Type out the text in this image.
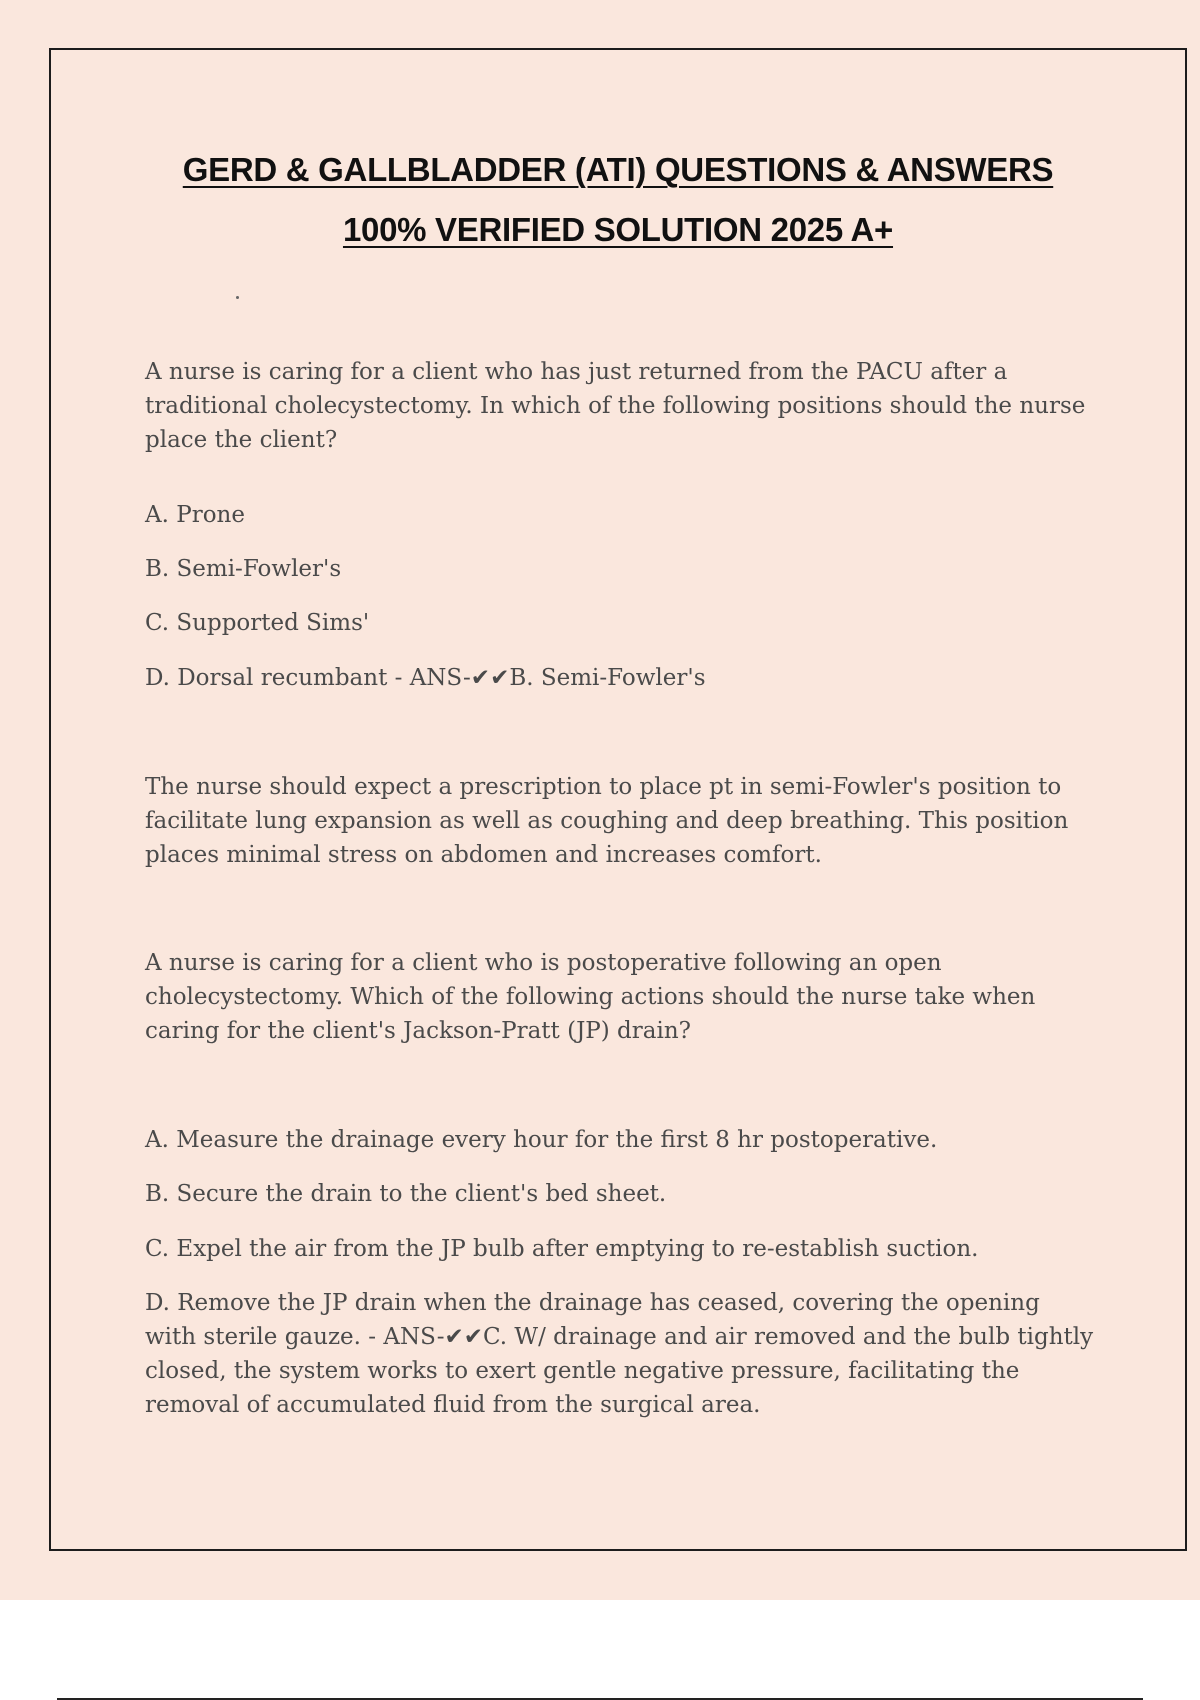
GERD & GALLBLADDER (ATI) QUESTIONS & ANSWERS
100% VERIFIED SOLUTION 2025 A+

A nurse is caring for a client who has just returned from the PACU after a traditional cholecystectomy. In which of the following positions should the nurse place the client?

A. Prone

B. Semi-Fowler's

C. Supported Sims'

D. Dorsal recumbant - ANS-✔✔B. Semi-Fowler's

The nurse should expect a prescription to place pt in semi-Fowler's position to facilitate lung expansion as well as coughing and deep breathing. This position places minimal stress on abdomen and increases comfort.

A nurse is caring for a client who is postoperative following an open cholecystectomy. Which of the following actions should the nurse take when caring for the client's Jackson-Pratt (JP) drain?

A. Measure the drainage every hour for the first 8 hr postoperative.

B. Secure the drain to the client's bed sheet.

C. Expel the air from the JP bulb after emptying to re-establish suction.

D. Remove the JP drain when the drainage has ceased, covering the opening with sterile gauze. - ANS-✔✔C. W/ drainage and air removed and the bulb tightly closed, the system works to exert gentle negative pressure, facilitating the removal of accumulated fluid from the surgical area.
